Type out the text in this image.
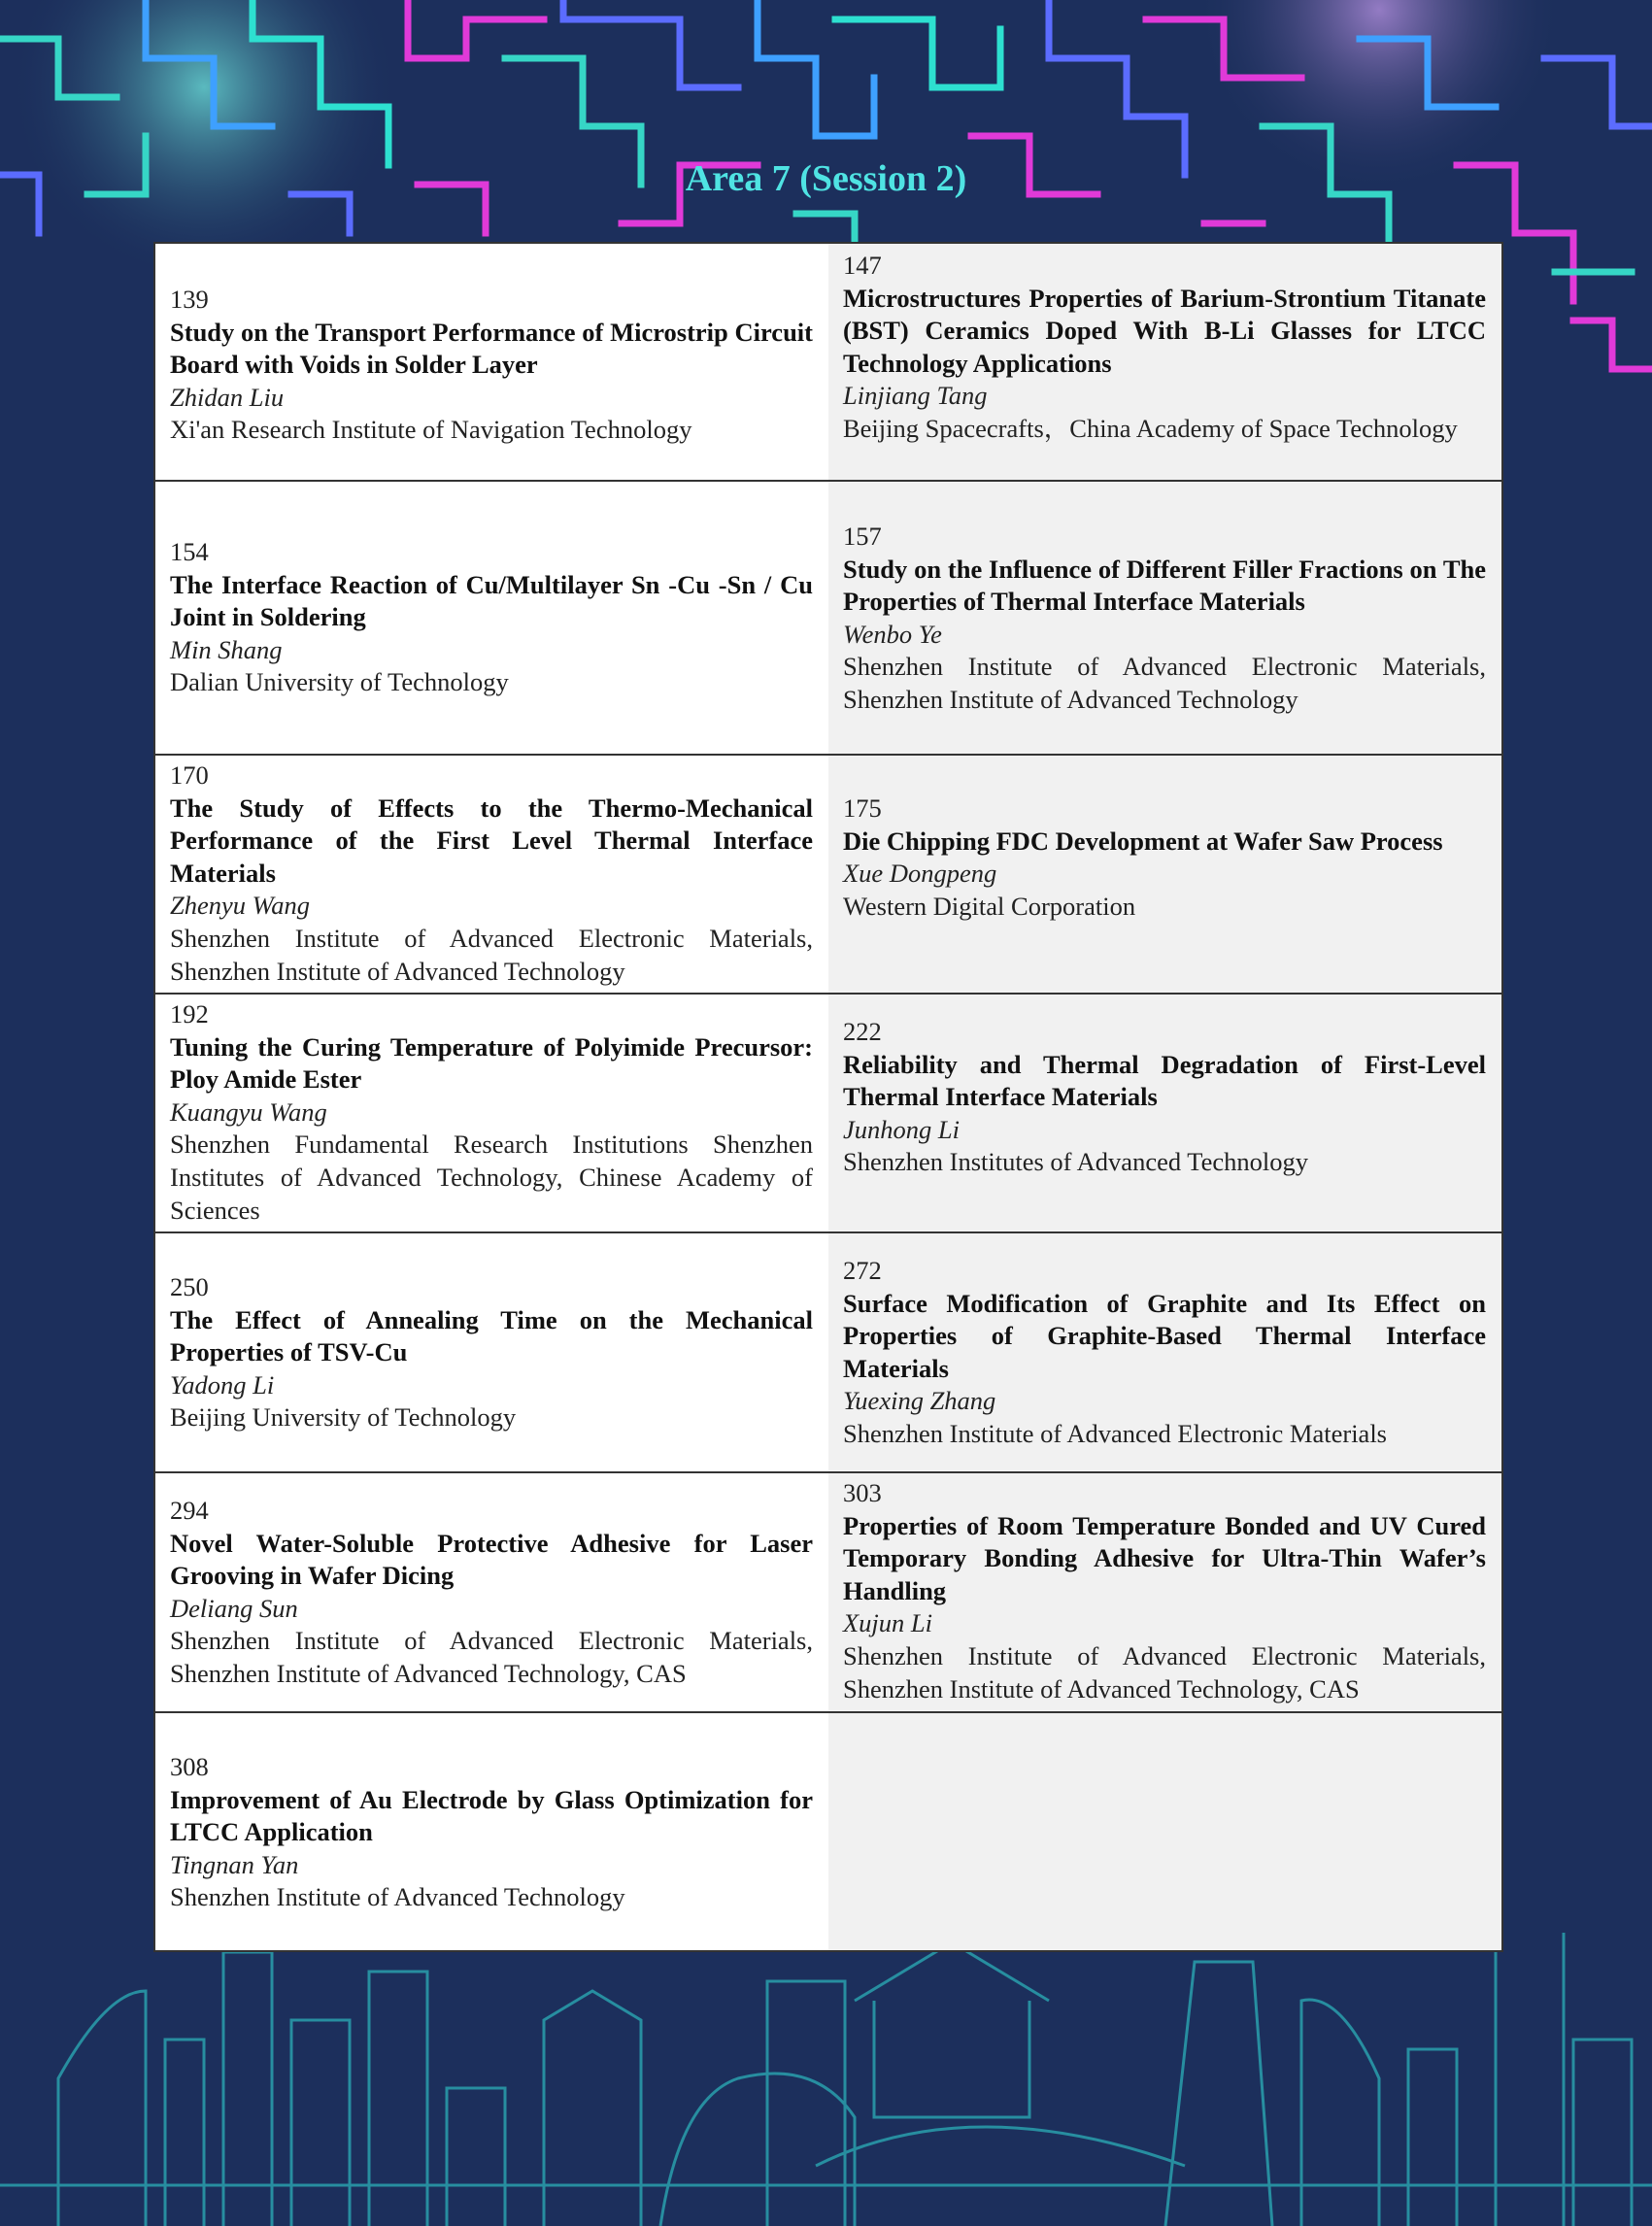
Area 7 (Session 2)
139
Study on the Transport Performance of Microstrip Circuit Board with Voids in Solder Layer
Zhidan Liu
Xi'an Research Institute of Navigation Technology
147
Microstructures Properties of Barium-Strontium Titanate (BST) Ceramics Doped With B-Li Glasses for LTCC Technology Applications
Linjiang Tang
Beijing Spacecrafts，China Academy of Space Technology
154
The Interface Reaction of Cu/Multilayer Sn -Cu -Sn / Cu Joint in Soldering
Min Shang
Dalian University of Technology
157
Study on the Influence of Different Filler Fractions on The Properties of Thermal Interface Materials
Wenbo Ye
Shenzhen Institute of Advanced Electronic Materials, Shenzhen Institute of Advanced Technology
170
The Study of Effects to the Thermo-Mechanical Performance of the First Level Thermal Interface Materials
Zhenyu Wang
Shenzhen Institute of Advanced Electronic Materials, Shenzhen Institute of Advanced Technology
175
Die Chipping FDC Development at Wafer Saw Process
Xue Dongpeng
Western Digital Corporation
192
Tuning the Curing Temperature of Polyimide Precursor: Ploy Amide Ester
Kuangyu Wang
Shenzhen Fundamental Research Institutions Shenzhen Institutes of Advanced Technology, Chinese Academy of Sciences
222
Reliability and Thermal Degradation of First-Level Thermal Interface Materials
Junhong Li
Shenzhen Institutes of Advanced Technology
250
The Effect of Annealing Time on the Mechanical Properties of TSV-Cu
Yadong Li
Beijing University of Technology
272
Surface Modification of Graphite and Its Effect on Properties of Graphite-Based Thermal Interface Materials
Yuexing Zhang
Shenzhen Institute of Advanced Electronic Materials
294
Novel Water-Soluble Protective Adhesive for Laser Grooving in Wafer Dicing
Deliang Sun
Shenzhen Institute of Advanced Electronic Materials, Shenzhen Institute of Advanced Technology, CAS
303
Properties of Room Temperature Bonded and UV Cured Temporary Bonding Adhesive for Ultra-Thin Wafer’s Handling
Xujun Li
Shenzhen Institute of Advanced Electronic Materials, Shenzhen Institute of Advanced Technology, CAS
308
Improvement of Au Electrode by Glass Optimization for LTCC Application
Tingnan Yan
Shenzhen Institute of Advanced Technology
